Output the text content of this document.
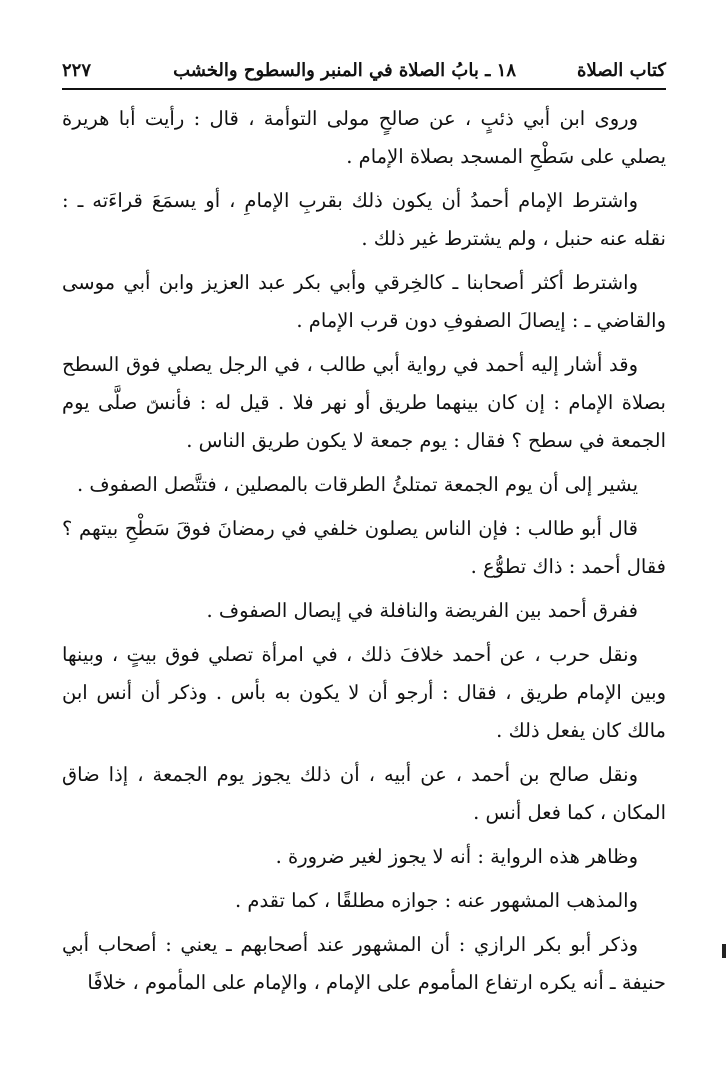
كتاب الصلاة
١٨ ـ بابُ الصلاة في المنبر والسطوح والخشب
٢٢٧

وروى ابن أبي ذئبٍ ، عن صالحٍ مولى التوأمة ، قال : رأيت أبا هريرة يصلي على سَطْحِ المسجد بصلاة الإمام .

واشترط الإمام أحمدُ أن يكون ذلك بقربِ الإمامِ ، أو يسمَعَ قراءَته ـ : نقله عنه حنبل ، ولم يشترط غير ذلك .

واشترط أكثر أصحابنا ـ كالخِرقي وأبي بكر عبد العزيز وابن أبي موسى والقاضي ـ : إيصالَ الصفوفِ دون قرب الإمام .

وقد أشار إليه أحمد في رواية أبي طالب ، في الرجل يصلي فوق السطح بصلاة الإمام : إن كان بينهما طريق أو نهر فلا . قيل له : فأنس صلَّى يوم الجمعة في سطح ؟ فقال : يوم جمعة لا يكون طريق الناس .

يشير إلى أن يوم الجمعة تمتلئُ الطرقات بالمصلين ، فتتَّصل الصفوف .

قال أبو طالب : فإن الناس يصلون خلفي في رمضانَ فوقَ سَطْحِ بيتهم ؟ فقال أحمد : ذاك تطوُّع .

ففرق أحمد بين الفريضة والنافلة في إيصال الصفوف .

ونقل حرب ، عن أحمد خلافَ ذلك ، في امرأة تصلي فوق بيتٍ ، وبينها وبين الإمام طريق ، فقال : أرجو أن لا يكون به بأس . وذكر أن أنس ابن مالك كان يفعل ذلك .

ونقل صالح بن أحمد ، عن أبيه ، أن ذلك يجوز يوم الجمعة ، إذا ضاق المكان ، كما فعل أنس .

وظاهر هذه الرواية : أنه لا يجوز لغير ضرورة .

والمذهب المشهور عنه : جوازه مطلقًا ، كما تقدم .

وذكر أبو بكر الرازي : أن المشهور عند أصحابهم ـ يعني : أصحاب أبي حنيفة ـ أنه يكره ارتفاع المأموم على الإمام ، والإمام على المأموم ، خلافًا
